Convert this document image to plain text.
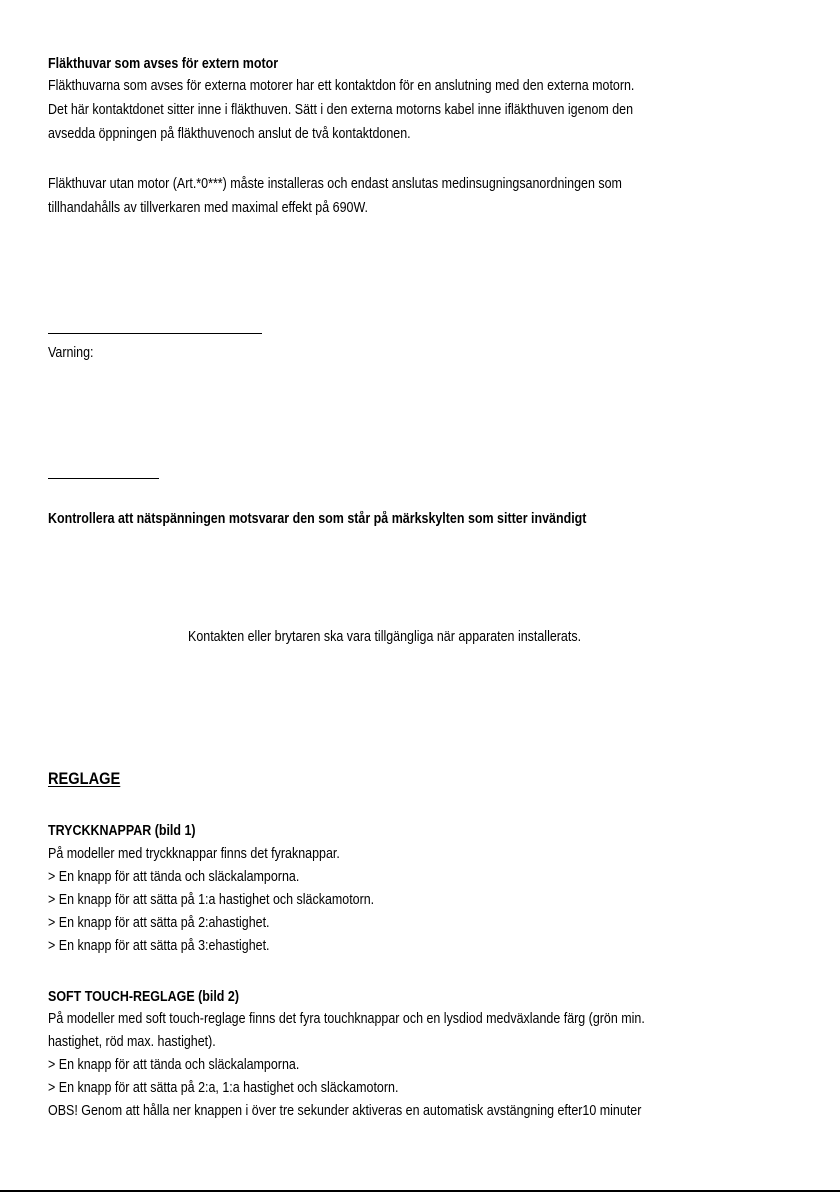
Fläkthuvar som avses för extern motor
Fläkthuvarna som avses för externa motorer har ett kontaktdon för en anslutning med den externa motorn.
Det här kontaktdonet sitter inne i fläkthuven. Sätt i den externa motorns kabel inne ifläkthuven igenom den
avsedda öppningen på fläkthuvenoch anslut de två kontaktdonen.
Fläkthuvar utan motor (Art.*0***) måste installeras och endast anslutas medinsugningsanordningen som
tillhandahålls av tillverkaren med maximal effekt på 690W.
Varning:
Kontrollera att nätspänningen motsvarar den som står på märkskylten som sitter invändigt
Kontakten eller brytaren ska vara tillgängliga när apparaten installerats.
REGLAGE
TRYCKKNAPPAR (bild 1)
På modeller med tryckknappar finns det fyraknappar.
> En knapp för att tända och släckalamporna.
> En knapp för att sätta på 1:a hastighet och släckamotorn.
> En knapp för att sätta på 2:ahastighet.
> En knapp för att sätta på 3:ehastighet.
SOFT TOUCH-REGLAGE (bild 2)
På modeller med soft touch-reglage finns det fyra touchknappar och en lysdiod medväxlande färg (grön min.
hastighet, röd max. hastighet).
> En knapp för att tända och släckalamporna.
> En knapp för att sätta på 2:a, 1:a hastighet och släckamotorn.
OBS! Genom att hålla ner knappen i över tre sekunder aktiveras en automatisk avstängning efter10 minuter
